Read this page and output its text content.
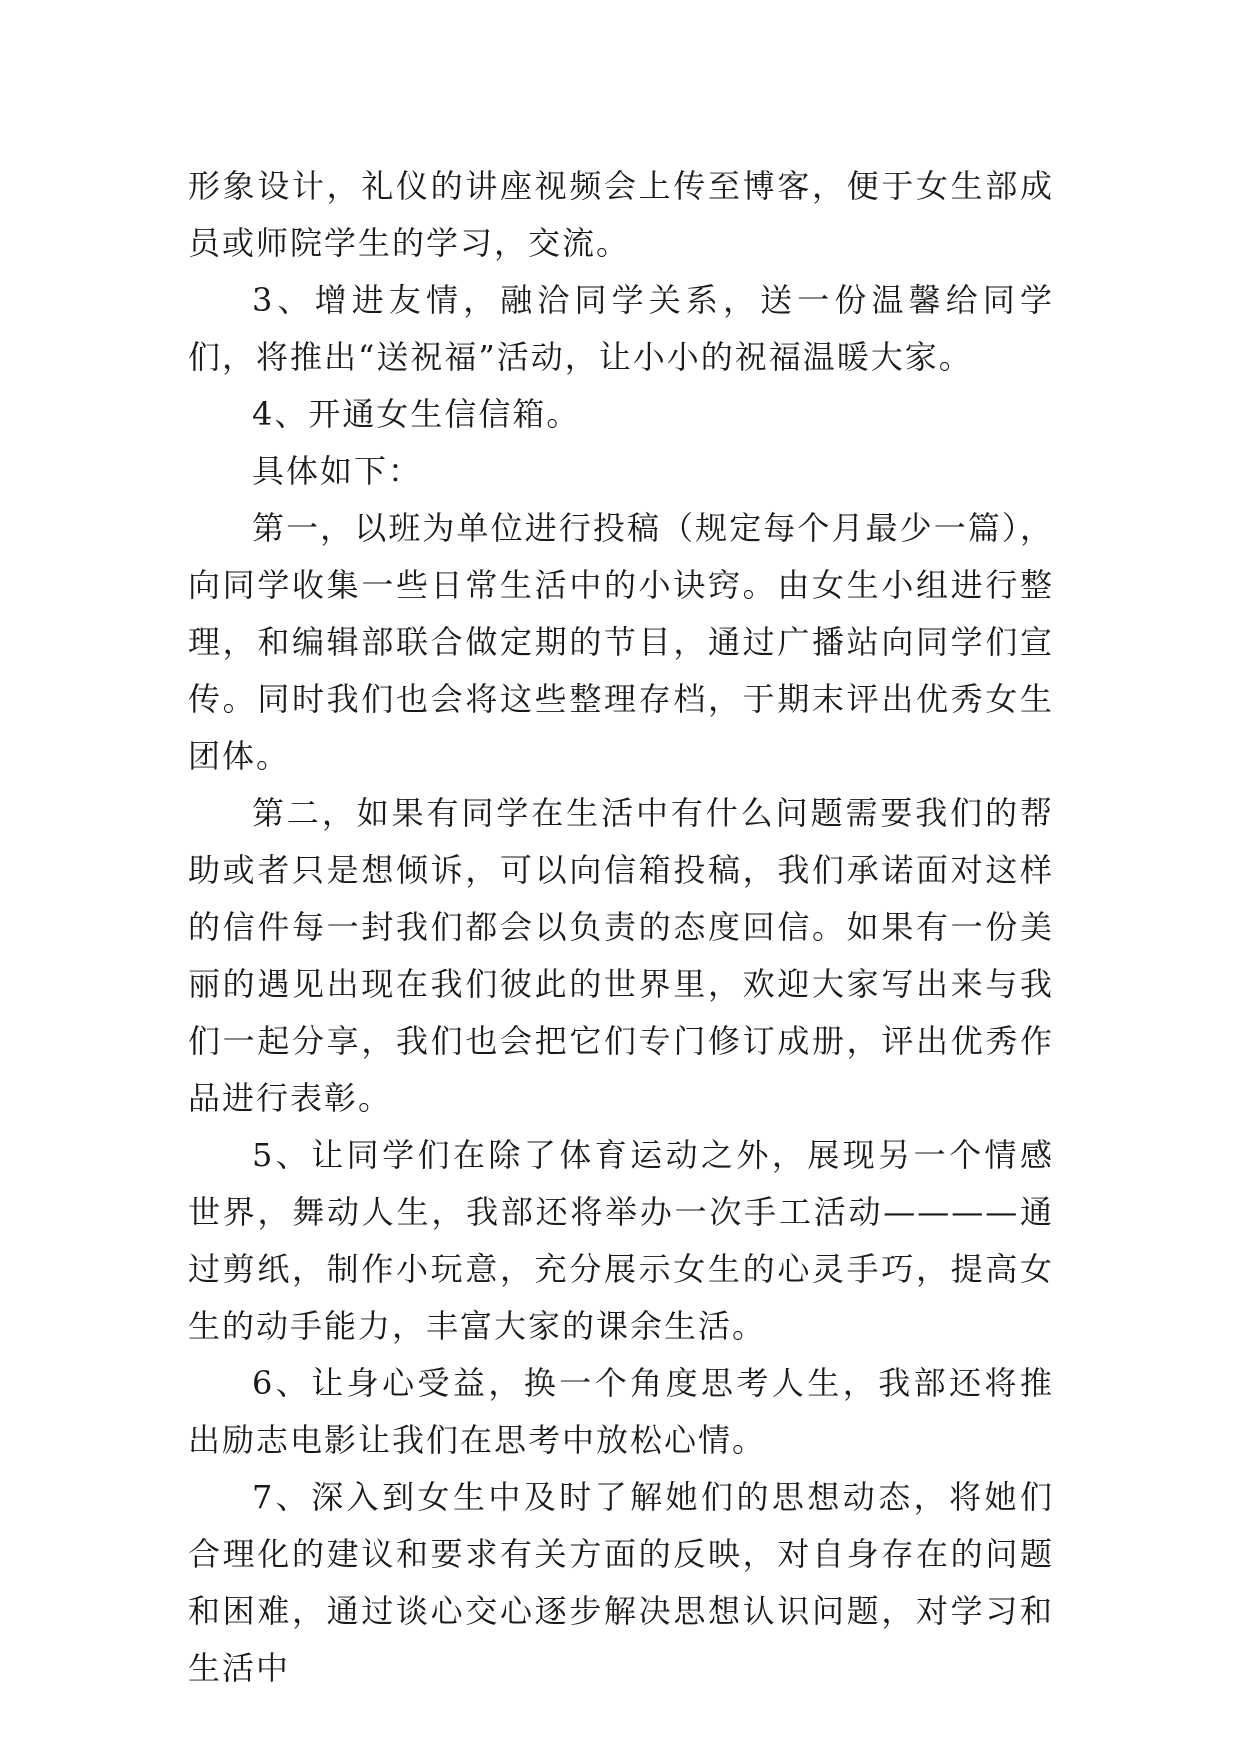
形象设计，礼仪的讲座视频会上传至博客，便于女生部成员或师院学生的学习，交流。

3、增进友情，融洽同学关系，送一份温馨给同学们，将推出“送祝福”活动，让小小的祝福温暖大家。

4、开通女生信信箱。

具体如下：

第一，以班为单位进行投稿（规定每个月最少一篇），向同学收集一些日常生活中的小诀窍。由女生小组进行整理，和编辑部联合做定期的节目，通过广播站向同学们宣传。同时我们也会将这些整理存档，于期末评出优秀女生团体。

第二，如果有同学在生活中有什么问题需要我们的帮助或者只是想倾诉，可以向信箱投稿，我们承诺面对这样的信件每一封我们都会以负责的态度回信。如果有一份美丽的遇见出现在我们彼此的世界里，欢迎大家写出来与我们一起分享，我们也会把它们专门修订成册，评出优秀作品进行表彰。

5、让同学们在除了体育运动之外，展现另一个情感世界，舞动人生，我部还将举办一次手工活动————通过剪纸，制作小玩意，充分展示女生的心灵手巧，提高女生的动手能力，丰富大家的课余生活。

6、让身心受益，换一个角度思考人生，我部还将推出励志电影让我们在思考中放松心情。

7、深入到女生中及时了解她们的思想动态，将她们合理化的建议和要求有关方面的反映，对自身存在的问题和困难，通过谈心交心逐步解决思想认识问题，对学习和生活中
